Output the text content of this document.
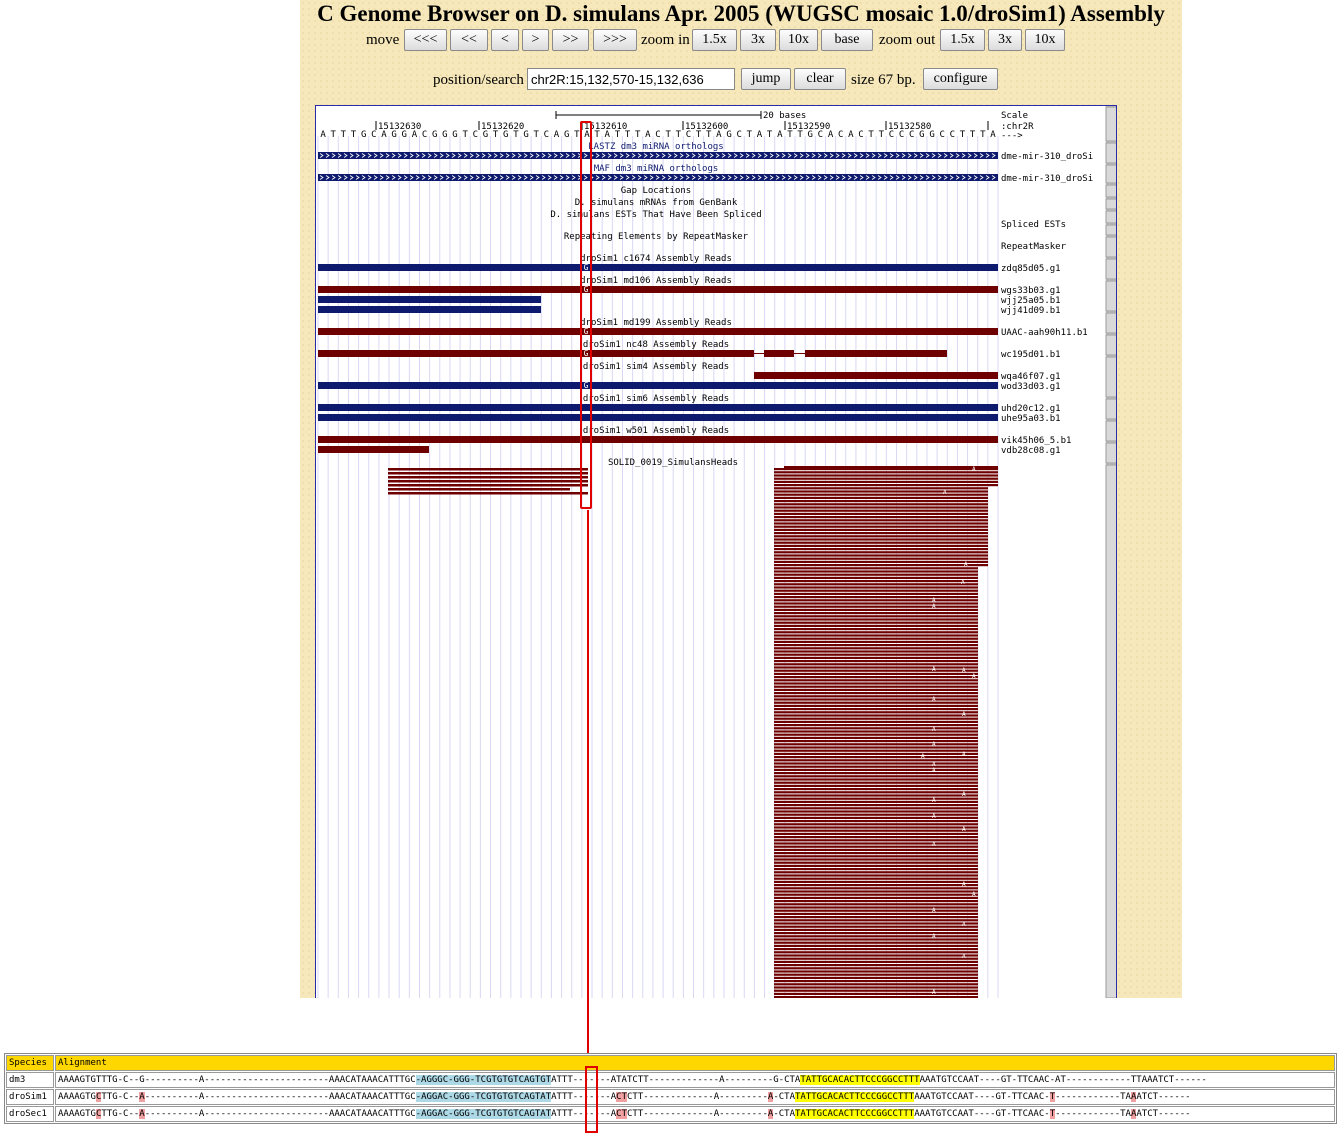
C Genome Browser on D. simulans Apr. 2005 (WUGSC mosaic 1.0/droSim1) Assembly
move	<<<	<<	<	>	>>	>>> zoom in 1.5x	3x	10x	base	zoom out	1.5x	3x	10x
position/search
chr2R:15,132,570-15,132,636	jump	clear	size 67 bp.	configure
20 bases
15132630	15132620	15132610	15132600	15132590	15132580
A T T T G C A G G A C G G G T C G T G T G T C A G T A T A T T T A C T T C T T A G C T A T A T T G C A C A C T T C C C G G C C T T T A
Scale
:chr2R
--->
LASTZ dm3 miRNA orthologs
MAF dm3 miRNA orthologs
Gap Locations
D. simulans mRNAs from GenBank
D. simulans ESTs That Have Been Spliced
Repeating Elements by RepeatMasker
droSim1 c1674 Assembly Reads
droSim1 md106 Assembly Reads
droSim1 md199 Assembly Reads
droSim1 nc48 Assembly Reads
droSim1 sim4 Assembly Reads
droSim1 sim6 Assembly Reads
droSim1 w501 Assembly Reads
SOLID_0019_SimulansHeads
dme-mir-310_droSi
dme-mir-310_droSi
Spliced ESTs
RepeatMasker
zdq85d05.g1
wgs33b03.g1
wjj25a05.b1
wjj41d09.b1
UAAC-aah90h11.b1
wc195d01.b1
wqa46f07.g1
wod33d03.g1
uhd20c12.g1
uhe95a03.b1
vik45h06_5.b1
vdb28c08.g1
G
G
G
G
G
A
A
A
A
A
A
A
A
A
A
A
A
A
A
A
A
A
A
A
A
A
A
A
A
A
A
A
A
A
Species	Alignment
dm3	AAAAGTGTTTG-C--G----------A-----------------------AAACATAAACATTTGC-AGGGC-GGG-TCGTGTGTCAGTGTATTT-------ATATCTT-------------A---------G-CTATATTGCACACTTCCCGGCCTTTAAATGTCCAAT----GT-TTCAAC-AT------------TTAAATCT------
droSim1	AAAAGTGCTTG-C--A----------A-----------------------AAACATAAACATTTGC-AGGAC-GGG-TCGTGTGTCAGTATATTT-------ACTCTT-------------A---------A-CTATATTGCACACTTCCCGGCCTTTAAATGTCCAAT----GT-TTCAAC-T------------TAAATCT------
droSec1	AAAAGTGCTTG-C--A----------A-----------------------AAACATAAACATTTGC-AGGAC-GGG-TCGTGTGTCAGTATATTT-------ACTCTT-------------A---------A-CTATATTGCACACTTCCCGGCCTTTAAATGTCCAAT----GT-TTCAAC-T------------TAAATCT------
